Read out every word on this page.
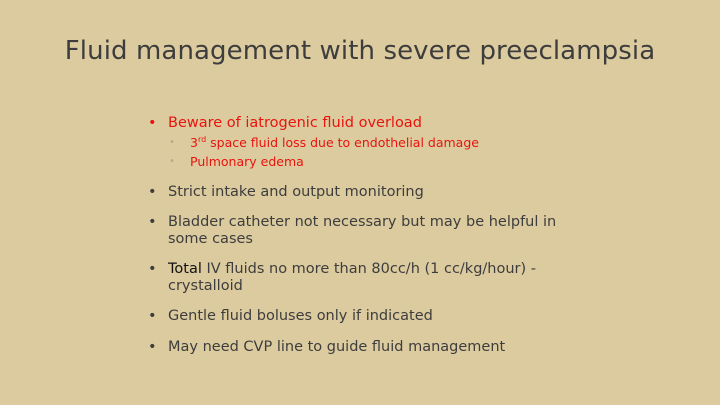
Fluid management with severe preeclampsia
• Beware of iatrogenic fluid overload
• 3rd space fluid loss due to endothelial damage
• Pulmonary edema
• Strict intake and output monitoring
• Bladder catheter not necessary but may be helpful in some cases
• Total IV fluids no more than 80cc/h (1 cc/kg/hour) - crystalloid
• Gentle fluid boluses only if indicated
• May need CVP line to guide fluid management
